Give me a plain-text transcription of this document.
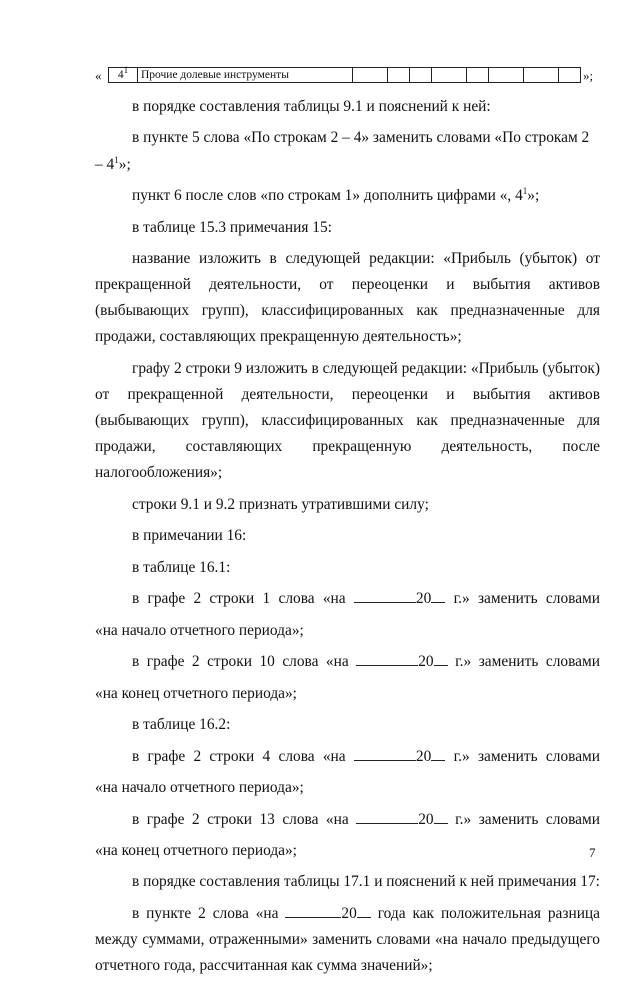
« $4^1$	Прочие долевые инструменты									»;

в порядке составления таблицы 9.1 и пояснений к ней:

в пункте 5 слова «По строкам 2 – 4» заменить словами «По строкам $2 - 4^1$»;

пункт 6 после слов «по строкам 1» дополнить цифрами «, $4^1$»;

в таблице 15.3 примечания 15:

название изложить в следующей редакции: «Прибыль (убыток) от прекращенной деятельности, от переоценки и выбытия активов (выбывающих групп), классифицированных как предназначенные для продажи, составляющих прекращенную деятельность»;

графу 2 строки 9 изложить в следующей редакции: «Прибыль (убыток) от прекращенной деятельности, переоценки и выбытия активов (выбывающих групп), классифицированных как предназначенные для продажи, составляющих прекращенную деятельность, после налогообложения»;

строки 9.1 и 9.2 признать утратившими силу;

в примечании 16:

в таблице 16.1:

в графе 2 строки 1 слова «на	20 г.» заменить словами

«на начало отчетного периода»;

в графе 2 строки 10 слова «на	20 г.» заменить словами

«на конец отчетного периода»;

в таблице 16.2:

в графе 2 строки 4 слова «на	20 г.» заменить словами

«на начало отчетного периода»;

в графе 2 строки 13 слова «на	20 г.» заменить словами

«на конец отчетного периода»;

в порядке составления таблицы 17.1 и пояснений к ней примечания 17:

в пункте 2 слова «на	20 года как положительная разница между суммами, отраженными» заменить словами «на начало предыдущего отчетного года, рассчитанная как сумма значений»;

7
